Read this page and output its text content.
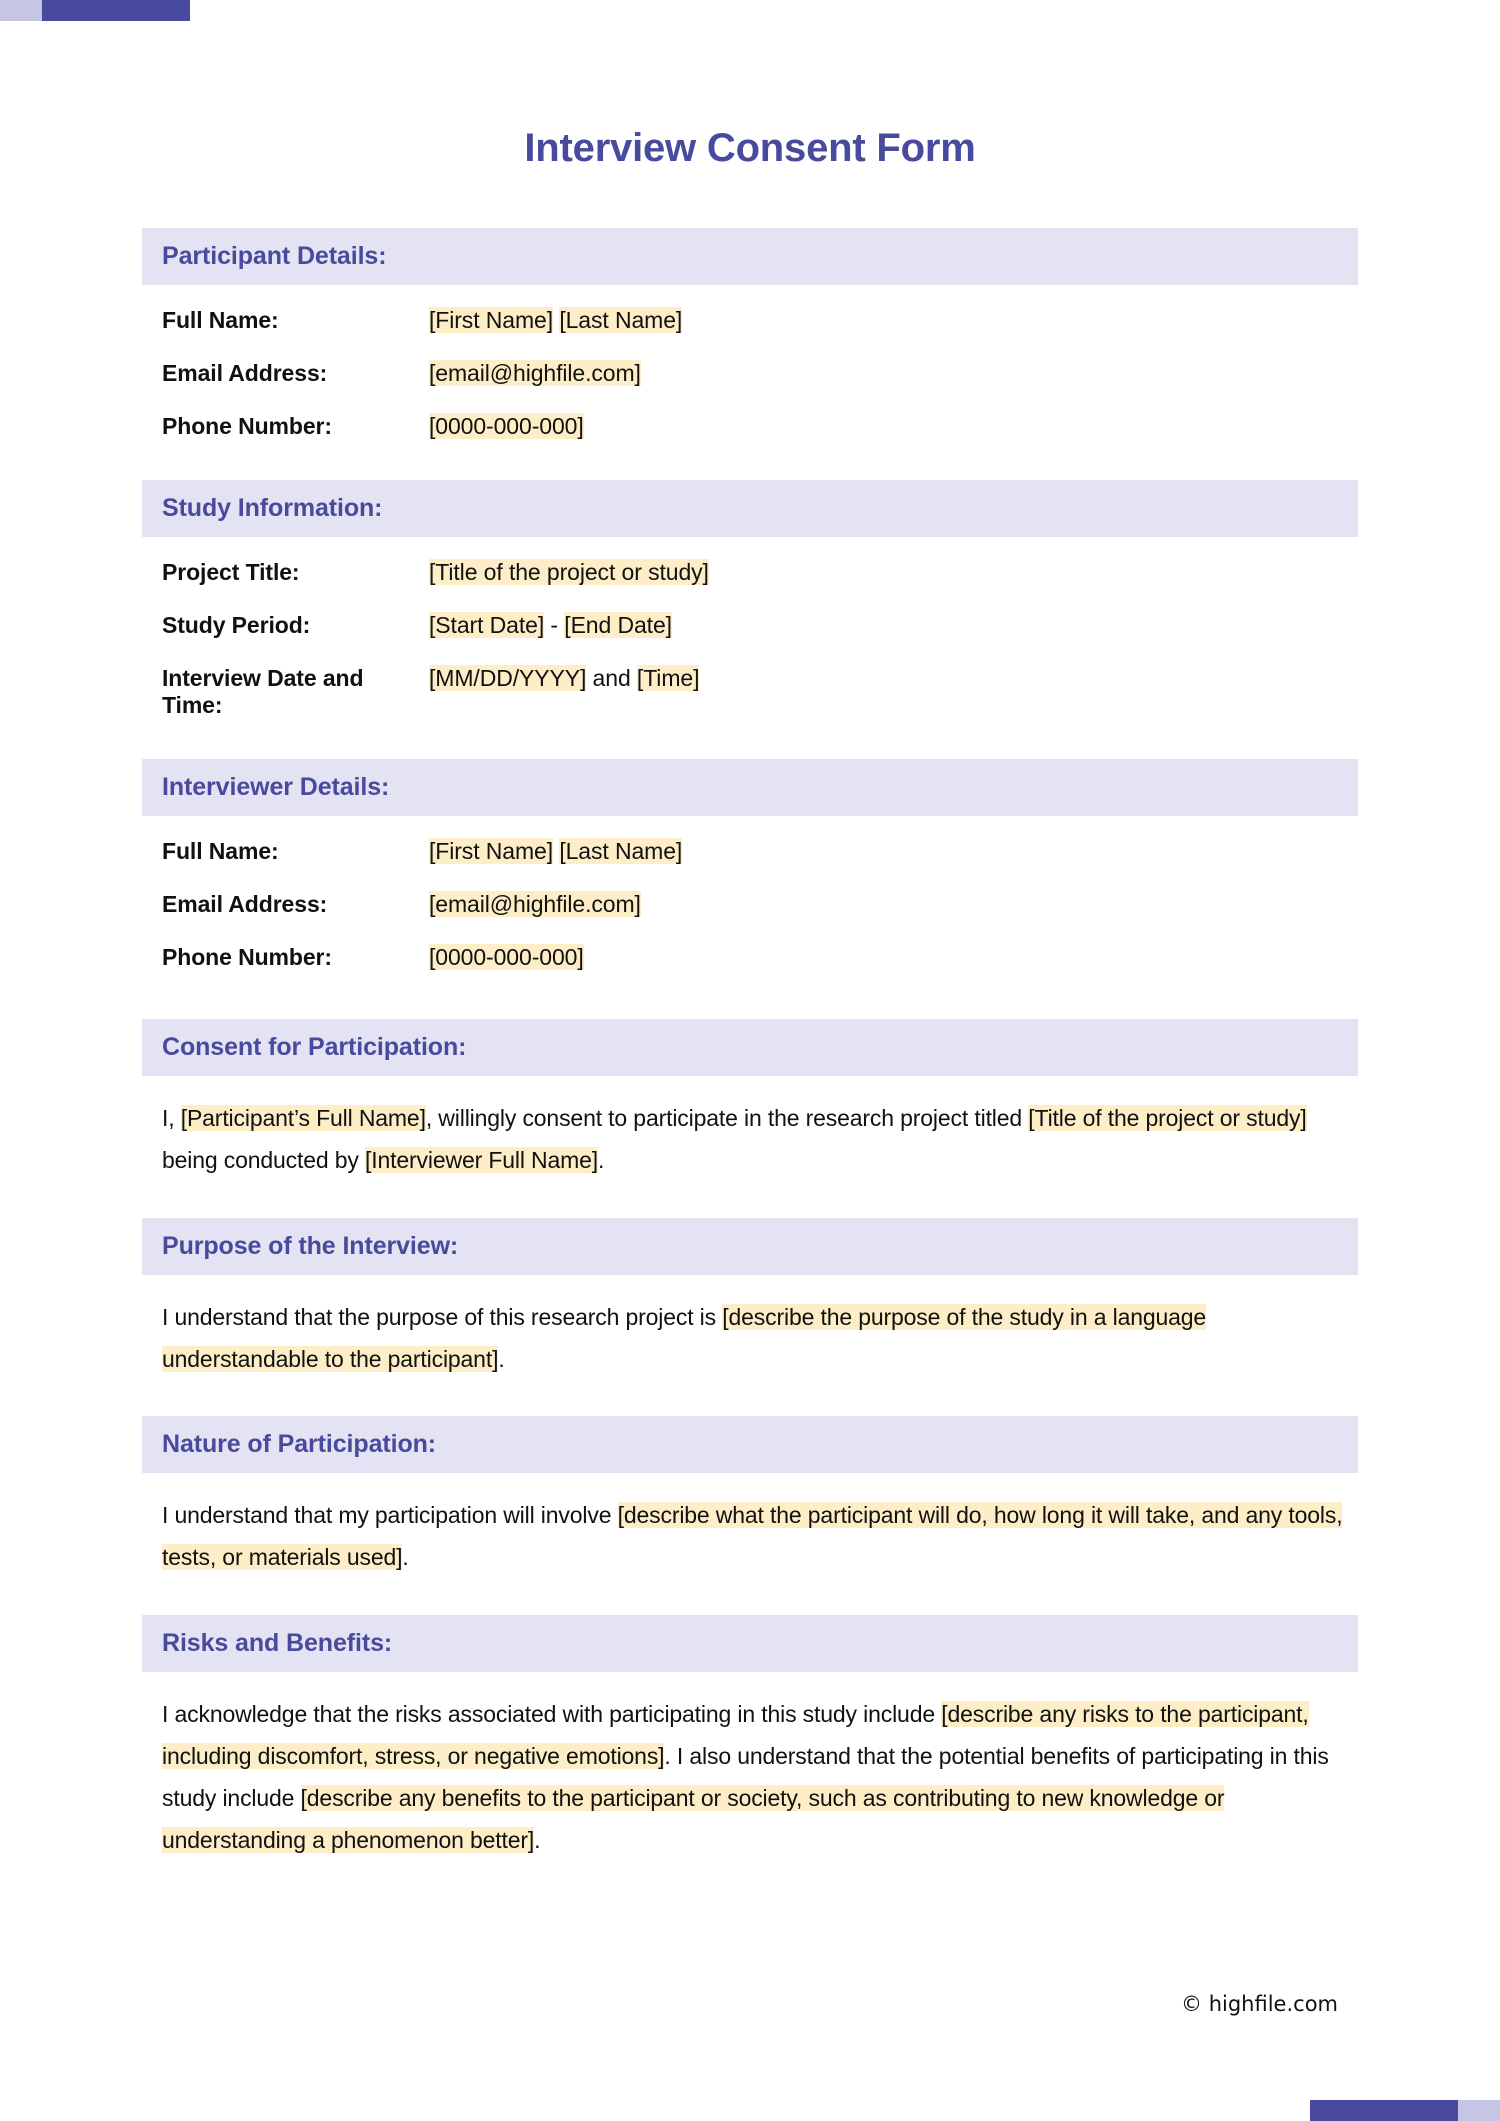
Interview Consent Form
Participant Details:
Full Name:	[First Name] [Last Name]
Email Address:	[email@highfile.com]
Phone Number:	[0000-000-000]
Study Information:
Project Title:	[Title of the project or study]
Study Period:	[Start Date] - [End Date]
Interview Date and Time:
[MM/DD/YYYY] and [Time]
Interviewer Details:
Full Name:	[First Name] [Last Name]
Email Address:	[email@highfile.com]
Phone Number:	[0000-000-000]
Consent for Participation:
I, [Participant’s Full Name], willingly consent to participate in the research project titled [Title of the project or study] being conducted by [Interviewer Full Name].
Purpose of the Interview:
I understand that the purpose of this research project is [describe the purpose of the study in a language understandable to the participant].
Nature of Participation:
I understand that my participation will involve [describe what the participant will do, how long it will take, and any tools, tests, or materials used].
Risks and Benefits:
I acknowledge that the risks associated with participating in this study include [describe any risks to the participant, including discomfort, stress, or negative emotions]. I also understand that the potential benefits of participating in this study include [describe any benefits to the participant or society, such as contributing to new knowledge or understanding a phenomenon better].
© highfile.com
